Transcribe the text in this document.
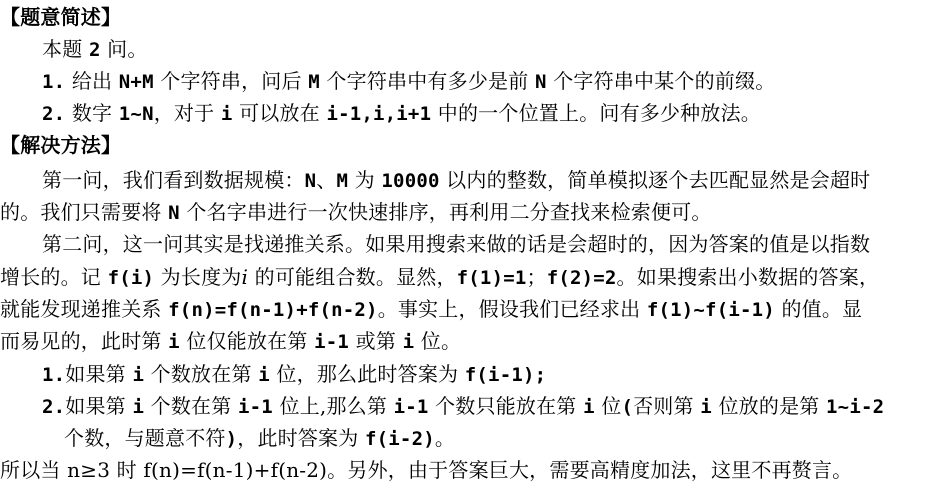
【题意简述】
本题 2 问。
1. 给出 N+M 个字符串，问后 M 个字符串中有多少是前 N 个字符串中某个的前缀。
2. 数字 1~N，对于 i 可以放在 i-1,i,i+1 中的一个位置上。问有多少种放法。
【解决方法】
第一问，我们看到数据规模：N、M 为 10000 以内的整数，简单模拟逐个去匹配显然是会超时
的。我们只需要将 N 个名字串进行一次快速排序，再利用二分查找来检索便可。
第二问，这一问其实是找递推关系。如果用搜索来做的话是会超时的，因为答案的值是以指数
增长的。记 f(i) 为长度为i 的可能组合数。显然，f(1)=1；f(2)=2。如果搜索出小数据的答案，
就能发现递推关系 f(n)=f(n-1)+f(n-2)。事实上，假设我们已经求出 f(1)~f(i-1) 的值。显
而易见的，此时第 i 位仅能放在第 i-1 或第 i 位。
1.如果第 i 个数放在第 i 位，那么此时答案为 f(i-1);
2.如果第 i 个数在第 i-1 位上,那么第 i-1 个数只能放在第 i 位(否则第 i 位放的是第 1~i-2
个数，与题意不符)，此时答案为 f(i-2)。
所以当 n≥3 时 f(n)=f(n-1)+f(n-2)。另外，由于答案巨大，需要高精度加法，这里不再赘言。
